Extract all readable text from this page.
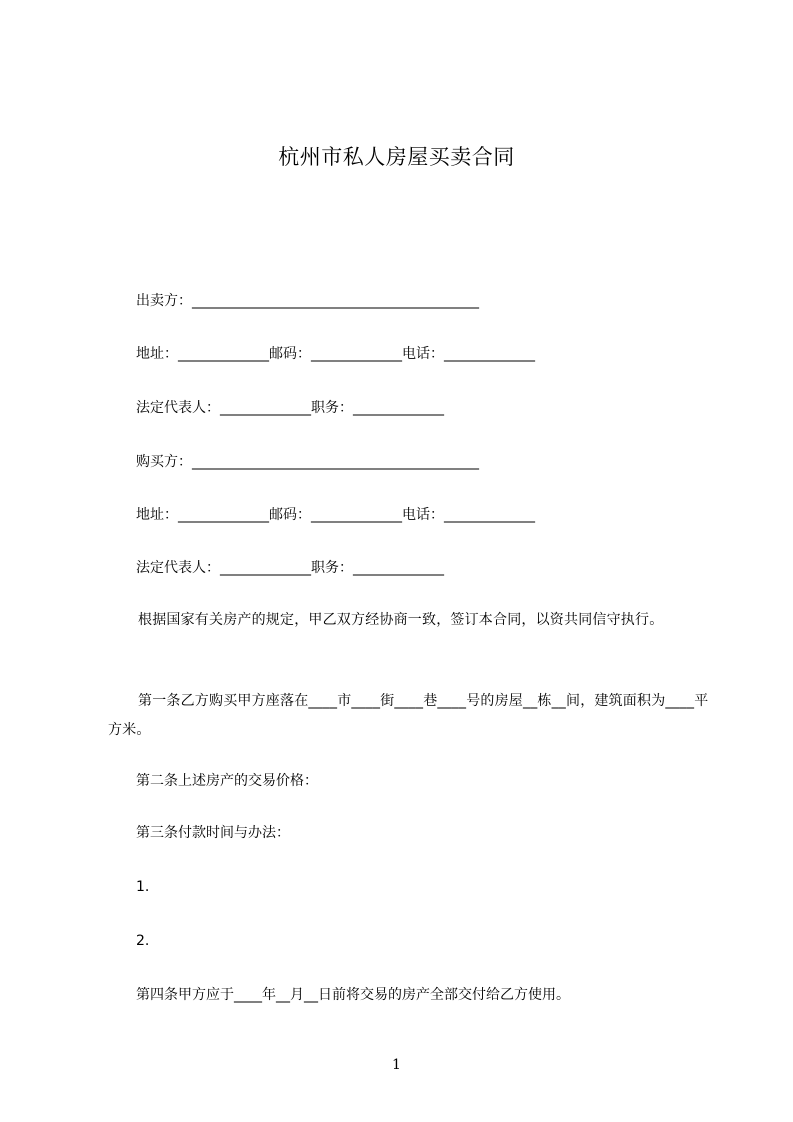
杭州市私人房屋买卖合同
出卖方：_________________________________________
地址：_____________邮码：_____________电话：_____________
法定代表人：_____________职务：_____________
购买方：_________________________________________
地址：_____________邮码：_____________电话：_____________
法定代表人：_____________职务：_____________
根据国家有关房产的规定，甲乙双方经协商一致，签订本合同，以资共同信守执行。
第一条乙方购买甲方座落在____市____街____巷____号的房屋__栋__间，建筑面积为____平方米。
第二条上述房产的交易价格：
第三条付款时间与办法：
1.
2.
第四条甲方应于____年__月__日前将交易的房产全部交付给乙方使用。
1
